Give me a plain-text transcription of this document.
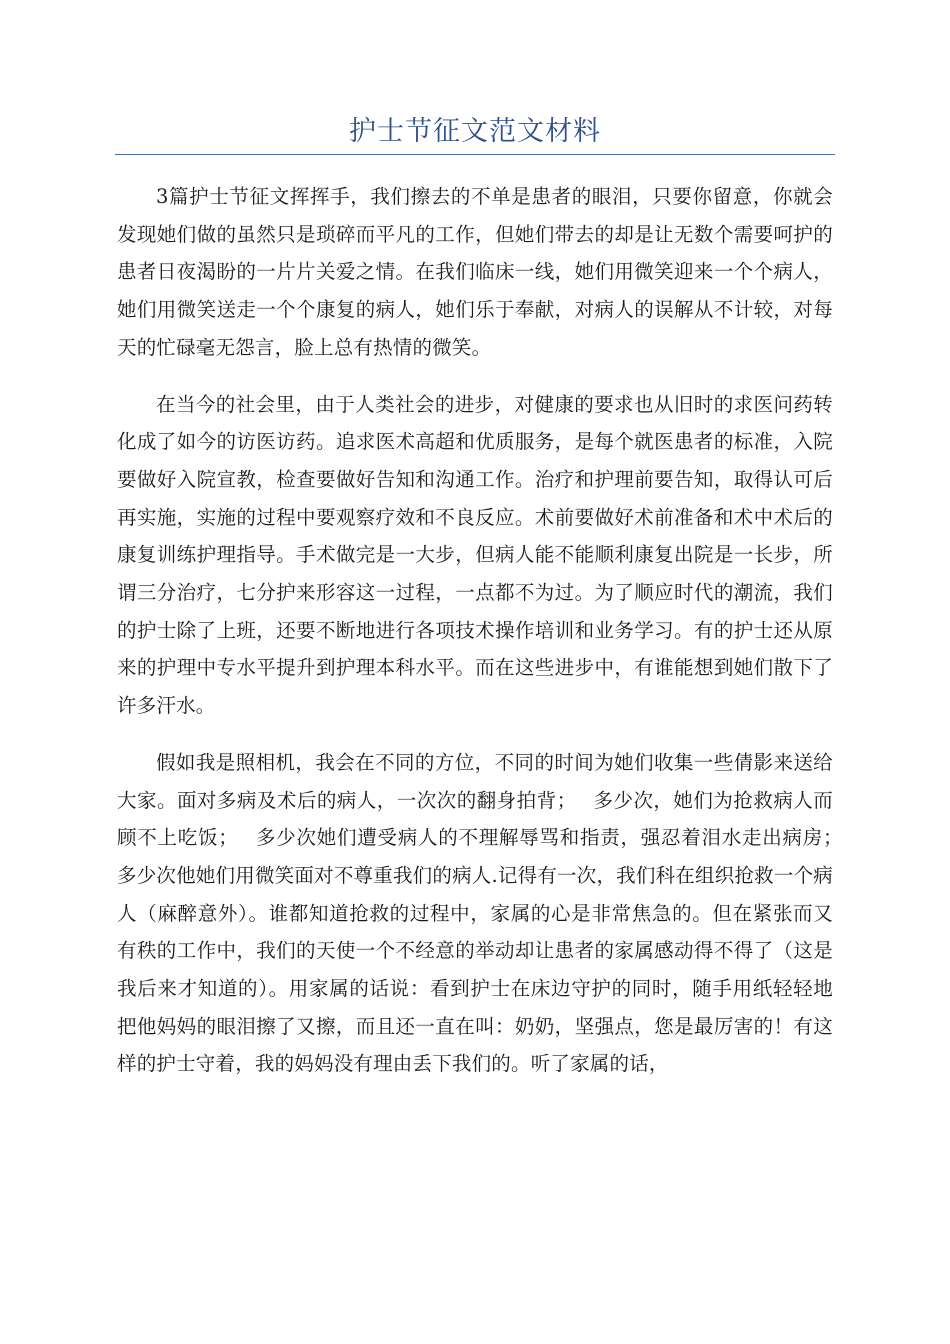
护士节征文范文材料

3篇护士节征文挥挥手，我们擦去的不单是患者的眼泪，只要你留意，你就会发现她们做的虽然只是琐碎而平凡的工作，但她们带去的却是让无数个需要呵护的患者日夜渴盼的一片片关爱之情。在我们临床一线，她们用微笑迎来一个个病人，她们用微笑送走一个个康复的病人，她们乐于奉献，对病人的误解从不计较，对每天的忙碌毫无怨言，脸上总有热情的微笑。

在当今的社会里，由于人类社会的进步，对健康的要求也从旧时的求医问药转化成了如今的访医访药。追求医术高超和优质服务，是每个就医患者的标准，入院要做好入院宣教，检查要做好告知和沟通工作。治疗和护理前要告知，取得认可后再实施，实施的过程中要观察疗效和不良反应。术前要做好术前准备和术中术后的康复训练护理指导。手术做完是一大步，但病人能不能顺利康复出院是一长步，所谓三分治疗，七分护来形容这一过程，一点都不为过。为了顺应时代的潮流，我们的护士除了上班，还要不断地进行各项技术操作培训和业务学习。有的护士还从原来的护理中专水平提升到护理本科水平。而在这些进步中，有谁能想到她们散下了许多汗水。

假如我是照相机，我会在不同的方位，不同的时间为她们收集一些倩影来送给大家。面对多病及术后的病人，一次次的翻身拍背；　 多少次，她们为抢救病人而顾不上吃饭；　 多少次她们遭受病人的不理解辱骂和指责，强忍着泪水走出病房；　 多少次他她们用微笑面对不尊重我们的病人.记得有一次，我们科在组织抢救一个病人（麻醉意外）。谁都知道抢救的过程中，家属的心是非常焦急的。但在紧张而又有秩的工作中，我们的天使一个不经意的举动却让患者的家属感动得不得了（这是我后来才知道的）。用家属的话说：看到护士在床边守护的同时，随手用纸轻轻地把他妈妈的眼泪擦了又擦，而且还一直在叫：奶奶，坚强点，您是最厉害的！有这样的护士守着，我的妈妈没有理由丢下我们的。听了家属的话，
